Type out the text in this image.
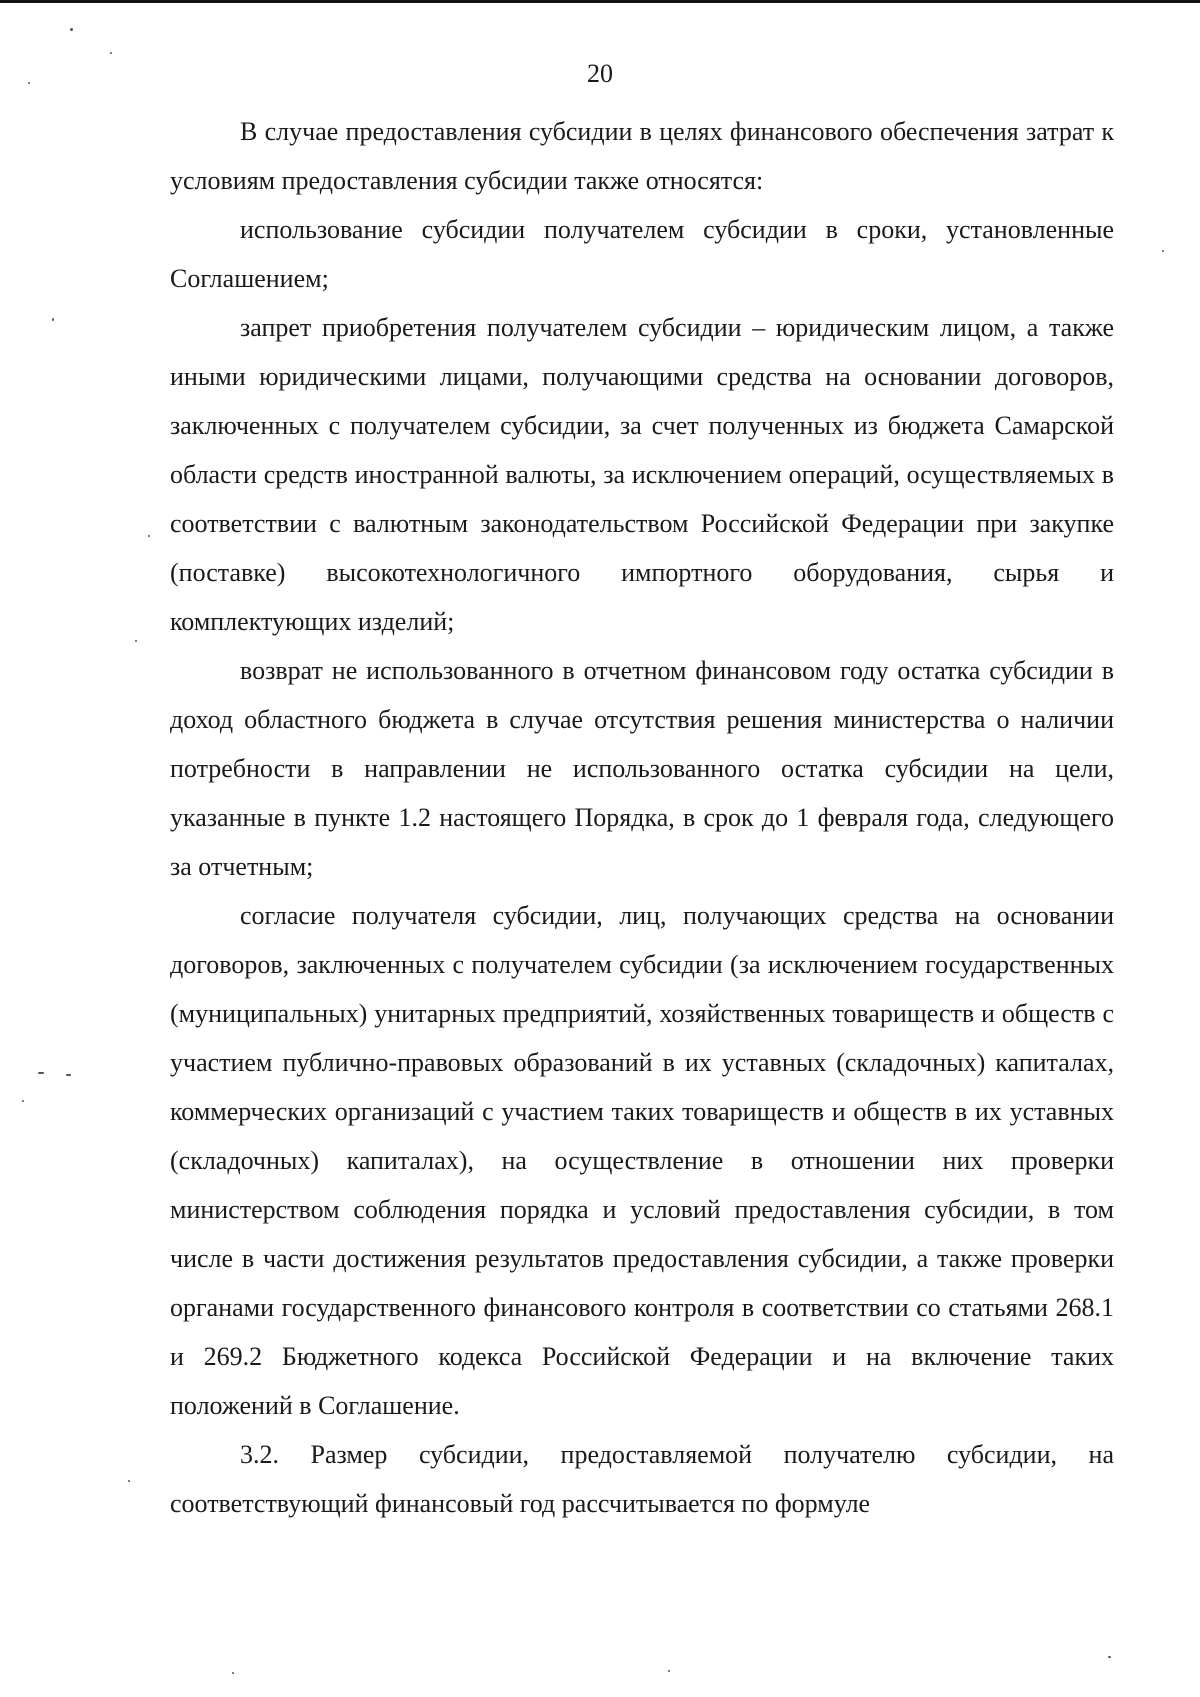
20

В случае предоставления субсидии в целях финансового обеспечения затрат к условиям предоставления субсидии также относятся:

использование субсидии получателем субсидии в сроки, установленные Соглашением;

запрет приобретения получателем субсидии – юридическим лицом, а также иными юридическими лицами, получающими средства на основании договоров, заключенных с получателем субсидии, за счет полученных из бюджета Самарской области средств иностранной валюты, за исключением операций, осуществляемых в соответствии с валютным законодательством Российской Федерации при закупке (поставке) высокотехнологичного импортного оборудования, сырья и комплектующих изделий;

возврат не использованного в отчетном финансовом году остатка субсидии в доход областного бюджета в случае отсутствия решения министерства о наличии потребности в направлении не использованного остатка субсидии на цели, указанные в пункте 1.2 настоящего Порядка, в срок до 1 февраля года, следующего за отчетным;

согласие получателя субсидии, лиц, получающих средства на основании договоров, заключенных с получателем субсидии (за исключением государственных (муниципальных) унитарных предприятий, хозяйственных товариществ и обществ с участием публично-правовых образований в их уставных (складочных) капиталах, коммерческих организаций с участием таких товариществ и обществ в их уставных (складочных) капиталах), на осуществление в отношении них проверки министерством соблюдения порядка и условий предоставления субсидии, в том числе в части достижения результатов предоставления субсидии, а также проверки органами государственного финансового контроля в соответствии со статьями 268.1 и 269.2 Бюджетного кодекса Российской Федерации и на включение таких положений в Соглашение.

3.2. Размер субсидии, предоставляемой получателю субсидии, на соответствующий финансовый год рассчитывается по формуле
